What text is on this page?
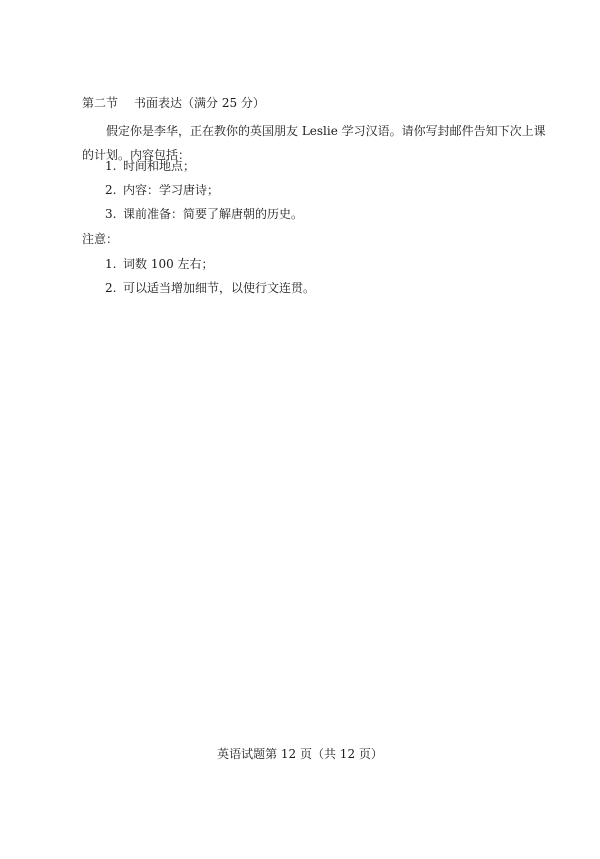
第二节 书面表达（满分 25 分）
假定你是李华，正在教你的英国朋友 Leslie 学习汉语。请你写封邮件告知下次上课的计划。内容包括：
1. 时间和地点；
2. 内容：学习唐诗；
3. 课前准备：简要了解唐朝的历史。
注意：
1. 词数 100 左右；
2. 可以适当增加细节，以使行文连贯。
英语试题第 12 页（共 12 页）
